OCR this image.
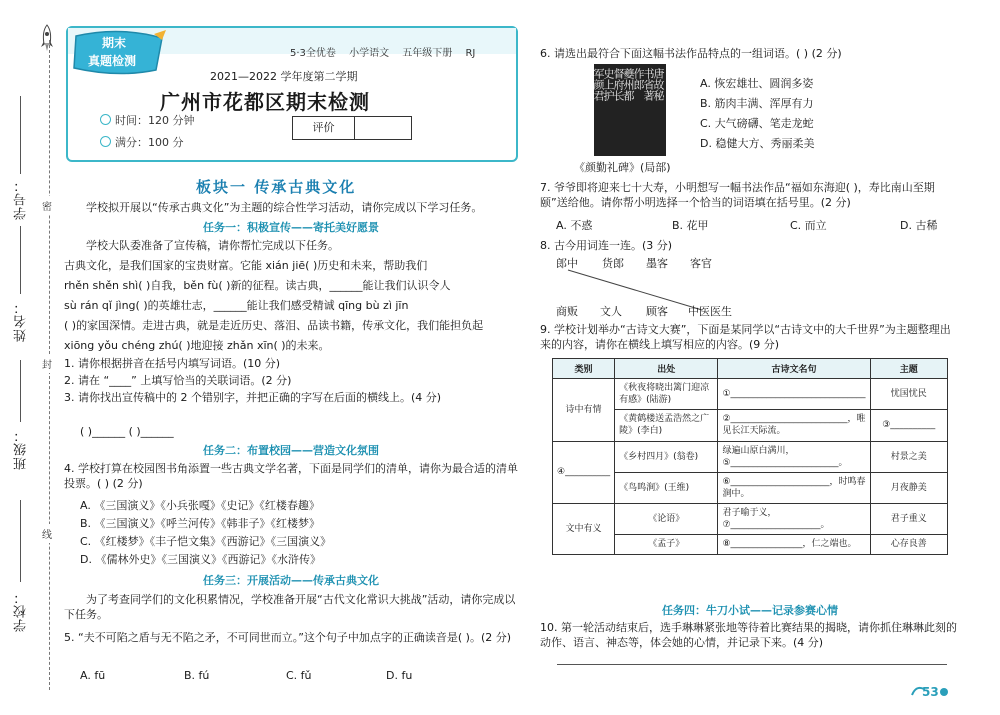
密
封
线
学校：
班级：
姓名：
学号：
期末
真题检测
5·3全优卷 小学语文 五年级下册 RJ
2021—2022 学年度第二学期
广州市花都区期末检测
时间：120 分钟
满分：100 分
评价
板块一 传承古典文化
学校拟开展以“传承古典文化”为主题的综合性学习活动，请你完成以下学习任务。
任务一：积极宣传——寄托美好愿景
学校大队委准备了宣传稿，请你帮忙完成以下任务。
古典文化，是我们国家的宝贵财富。它能 xián jiē( )历史和未来，帮助我们
rhěn shěn shì( )自我，běn fù( )新的征程。读古典，______能让我们认识令人
sù rán qǐ jìng( )的英雄壮志，______能让我们感受精诚 qīng bù zì jīn
( )的家国深情。走进古典，就是走近历史、落泪、品读书籍，传承文化，我们能担负起
xiōng yǒu chéng zhú( )地迎接 zhǎn xīn( )的未来。
1. 请你根据拼音在括号内填写词语。(10 分)
2. 请在 “____” 上填写恰当的关联词语。(2 分)
3. 请你找出宣传稿中的 2 个错别字，并把正确的字写在后面的横线上。(4 分)
( )______ ( )______
任务二：布置校园——营造文化氛围
4. 学校打算在校园图书角添置一些古典文学名著，下面是同学们的清单，请你为最合适的清单投票。( ) (2 分)
A. 《三国演义》《小兵张嘎》《史记》《红楼春趣》
B. 《三国演义》《呼兰河传》《韩非子》《红楼梦》
C. 《红楼梦》《丰子恺文集》《西游记》《三国演义》
D. 《儒林外史》《三国演义》《西游记》《水浒传》
任务三：开展活动——传承古典文化
为了考查同学们的文化积累情况，学校准备开展“古代文化常识大挑战”活动，请你完成以下任务。
5. “夫不可陷之盾与无不陷之矛，不可同世而立。”这个句子中加点字的正确读音是( )。(2 分)
A. fū	B. fú	C. fǔ	D. fu
6. 请选出最符合下面这幅书法作品特点的一组词语。( ) (2 分)
唐故秘
书省著
作郎
夔州都
督府长
史上护
军颜君
《颜勤礼碑》(局部)
A. 恢宏雄壮、圆润多姿
B. 筋肉丰满、浑厚有力
C. 大气磅礴、笔走龙蛇
D. 稳健大方、秀丽柔美
7. 爷爷即将迎来七十大寿，小明想写一幅书法作品“福如东海迎( )，寿比南山至期颐”送给他。请你帮小明选择一个恰当的词语填在括号里。(2 分)
A. 不惑	B. 花甲	C. 而立	D. 古稀
8. 古今用词连一连。(3 分)
郎中 货郎 墨客 客官
商贩 文人 顾客 中医医生
9. 学校计划举办“古诗文大赛”，下面是某同学以“古诗文中的大千世界”为主题整理出来的内容，请你在横线上填写相应的内容。(9 分)
类别	出处	古诗文名句	主题
诗中有情	《秋夜将晓出篱门迎凉有感》(陆游)	①______________________________	忧国忧民
	《黄鹤楼送孟浩然之广陵》(李白)	②__________________________，唯见长江天际流。	③__________
④__________	《乡村四月》(翁卷)	绿遍山原白满川，⑤________________________。	村景之美
	《鸟鸣涧》(王维)	⑥______________________，时鸣春涧中。	月夜静美
文中有义	《论语》	君子喻于义，⑦____________________。	君子重义
	《孟子》	⑧________________，仁之端也。	心存良善
任务四：牛刀小试——记录参赛心情
10. 第一轮活动结束后，选手琳琳紧张地等待着比赛结果的揭晓，请你抓住琳琳此刻的动作、语言、神态等，体会她的心情，并记录下来。(4 分)
53
